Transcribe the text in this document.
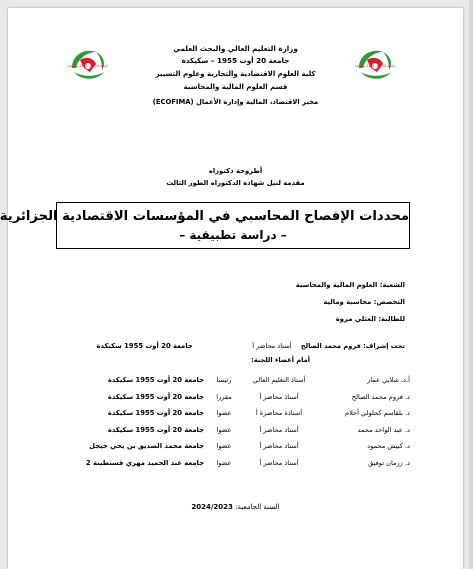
جامعة 20 أوت 1955 سكيكدة	جامعة 20 أوت 1955 سكيكدة
وزارة التعليم العالي والبحث العلمي
جامعة 20 أوت 1955 – سكيكدة
كلية العلوم الاقتصادية والتجارية وعلوم التسيير
قسم العلوم المالية والمحاسبة
مخبر الاقتصاد، المالية وإدارة الأعمال (ECOFIMA)
أطروحة دكتوراه
مقدمة لنيل شهادة الدكتوراه الطور الثالث
محددات الإفصاح المحاسبي في المؤسسات الاقتصادية الجزائرية
– دراسة تطبيقية –
الشعبة: العلوم المالية والمحاسبة
التخصص: محاسبة ومالية
للطالبة: العثلي مروة
تحت إشراف: فروم محمد الصالح أستاذ محاضر أ  جامعة 20 أوت 1955 سكيكدة
أمام أعضاء اللجنة:
أ.د. شلابي عمار	أستاذ التعليم العالي	رئيسا	جامعة 20 أوت 1955 سكيكدة
د. فروم محمد الصالح	أستاذ محاضر أ	مقررا	جامعة 20 أوت 1955 سكيكدة
د. بلقاسم كحلولي أحلام	أستاذة محاضرة أ	عضوا	جامعة 20 أوت 1955 سكيكدة
د. عبد الواحد محمد	أستاذ محاضر أ	عضوا	جامعة 20 أوت 1955 سكيكدة
د. كبيش محمود	أستاذ محاضر أ	عضوا	جامعة محمد الصديق بن يحي جيجل
د. زرمان توفيق	أستاذ محاضر أ	عضوا	جامعة عبد الحميد مهري قسنطينة 2
السنة الجامعية: 2024/2023
